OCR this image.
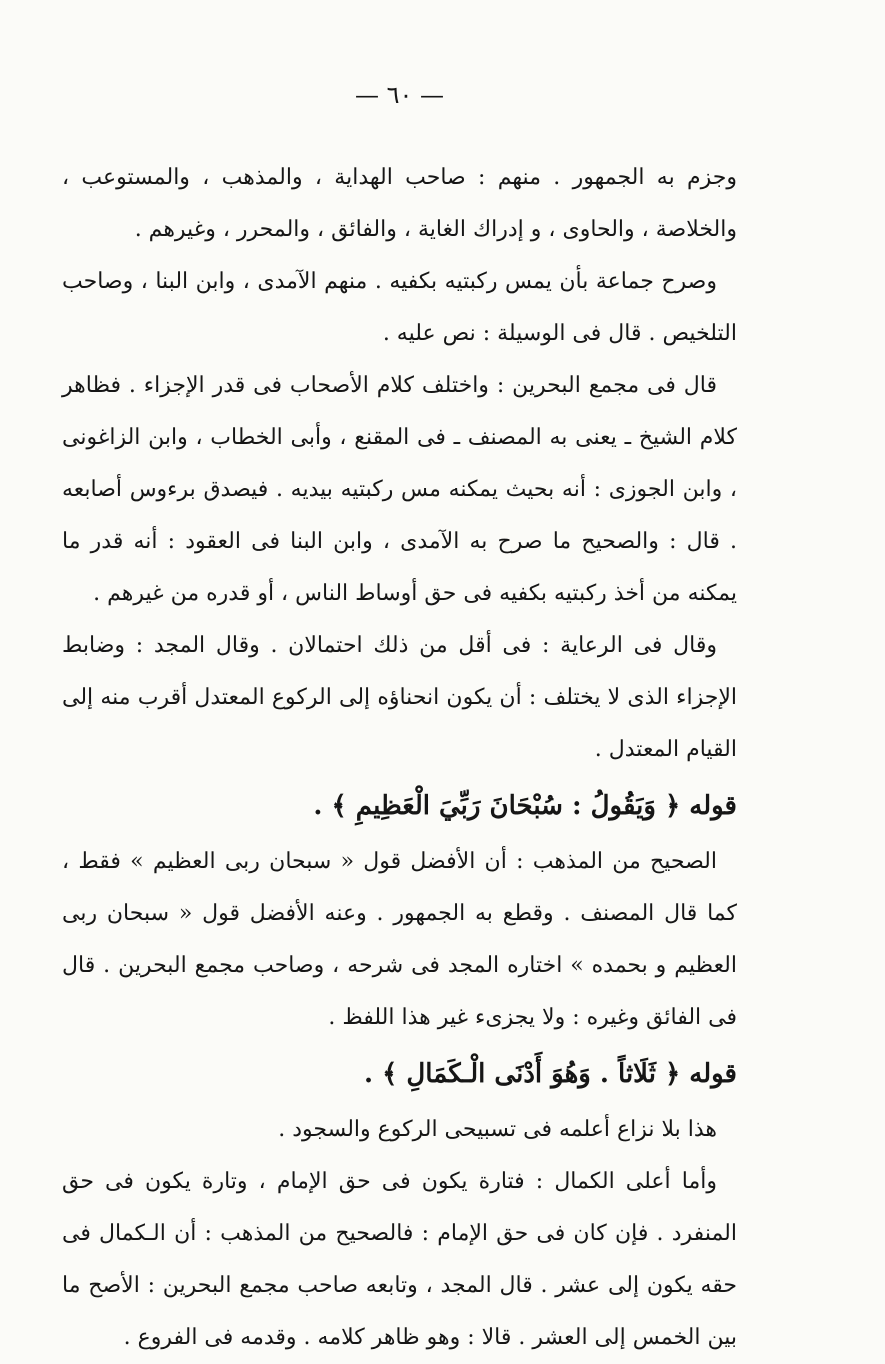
— ٦٠ —

وجزم به الجمهور . منهم : صاحب الهداية ، والمذهب ، والمستوعب ، والخلاصة ، والحاوى ، و إدراك الغاية ، والفائق ، والمحرر ، وغيرهم .

وصرح جماعة بأن يمس ركبتيه بكفيه . منهم الآمدى ، وابن البنا ، وصاحب التلخيص . قال فى الوسيلة : نص عليه .

قال فى مجمع البحرين : واختلف كلام الأصحاب فى قدر الإجزاء . فظاهر كلام الشيخ ـ يعنى به المصنف ـ فى المقنع ، وأبى الخطاب ، وابن الزاغونى ، وابن الجوزى : أنه بحيث يمكنه مس ركبتيه بيديه . فيصدق برءوس أصابعه . قال : والصحيح ما صرح به الآمدى ، وابن البنا فى العقود : أنه قدر ما يمكنه من أخذ ركبتيه بكفيه فى حق أوساط الناس ، أو قدره من غيرهم .

وقال فى الرعاية : فى أقل من ذلك احتمالان . وقال المجد : وضابط الإجزاء الذى لا يختلف : أن يكون انحناؤه إلى الركوع المعتدل أقرب منه إلى القيام المعتدل .

قوله ﴿ وَيَقُولُ : سُبْحَانَ رَبِّيَ الْعَظِيمِ ﴾ .

الصحيح من المذهب : أن الأفضل قول « سبحان ربى العظيم » فقط ، كما قال المصنف . وقطع به الجمهور . وعنه الأفضل قول « سبحان ربى العظيم و بحمده » اختاره المجد فى شرحه ، وصاحب مجمع البحرين . قال فى الفائق وغيره : ولا يجزىء غير هذا اللفظ .

قوله ﴿ ثَلَاثاً . وَهُوَ أَدْنَى الْـكَمَالِ ﴾ .

هذا بلا نزاع أعلمه فى تسبيحى الركوع والسجود .

وأما أعلى الكمال : فتارة يكون فى حق الإمام ، وتارة يكون فى حق المنفرد . فإن كان فى حق الإمام : فالصحيح من المذهب : أن الـكمال فى حقه يكون إلى عشر . قال المجد ، وتابعه صاحب مجمع البحرين : الأصح ما بين الخمس إلى العشر . قالا : وهو ظاهر كلامه . وقدمه فى الفروع .
